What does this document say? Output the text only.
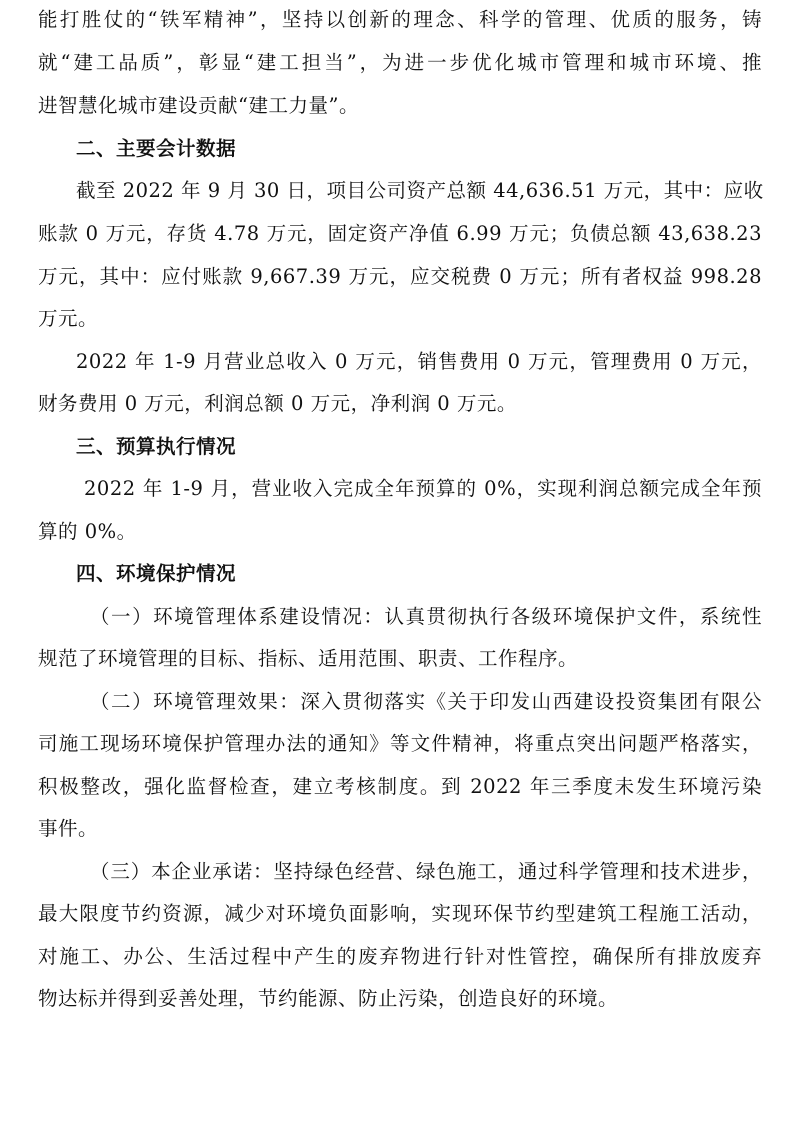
能打胜仗的“铁军精神”，坚持以创新的理念、科学的管理、优质的服务，铸
就“建工品质”，彰显“建工担当”，为进一步优化城市管理和城市环境、推
进智慧化城市建设贡献“建工力量”。
二、主要会计数据
截至 2022 年 9 月 30 日，项目公司资产总额 44,636.51 万元，其中：应收
账款 0 万元，存货 4.78 万元，固定资产净值 6.99 万元；负债总额 43,638.23
万元，其中：应付账款 9,667.39 万元，应交税费 0 万元；所有者权益 998.28
万元。
2022 年 1-9 月营业总收入 0 万元，销售费用 0 万元，管理费用 0 万元，
财务费用 0 万元，利润总额 0 万元，净利润 0 万元。
三、预算执行情况
2022 年 1-9 月，营业收入完成全年预算的 0%，实现利润总额完成全年预
算的 0%。
四、环境保护情况
（一）环境管理体系建设情况：认真贯彻执行各级环境保护文件，系统性
规范了环境管理的目标、指标、适用范围、职责、工作程序。
（二）环境管理效果：深入贯彻落实《关于印发山西建设投资集团有限公
司施工现场环境保护管理办法的通知》等文件精神，将重点突出问题严格落实，
积极整改，强化监督检查，建立考核制度。到 2022 年三季度未发生环境污染
事件。
（三）本企业承诺：坚持绿色经营、绿色施工，通过科学管理和技术进步，
最大限度节约资源，减少对环境负面影响，实现环保节约型建筑工程施工活动，
对施工、办公、生活过程中产生的废弃物进行针对性管控，确保所有排放废弃
物达标并得到妥善处理，节约能源、防止污染，创造良好的环境。
